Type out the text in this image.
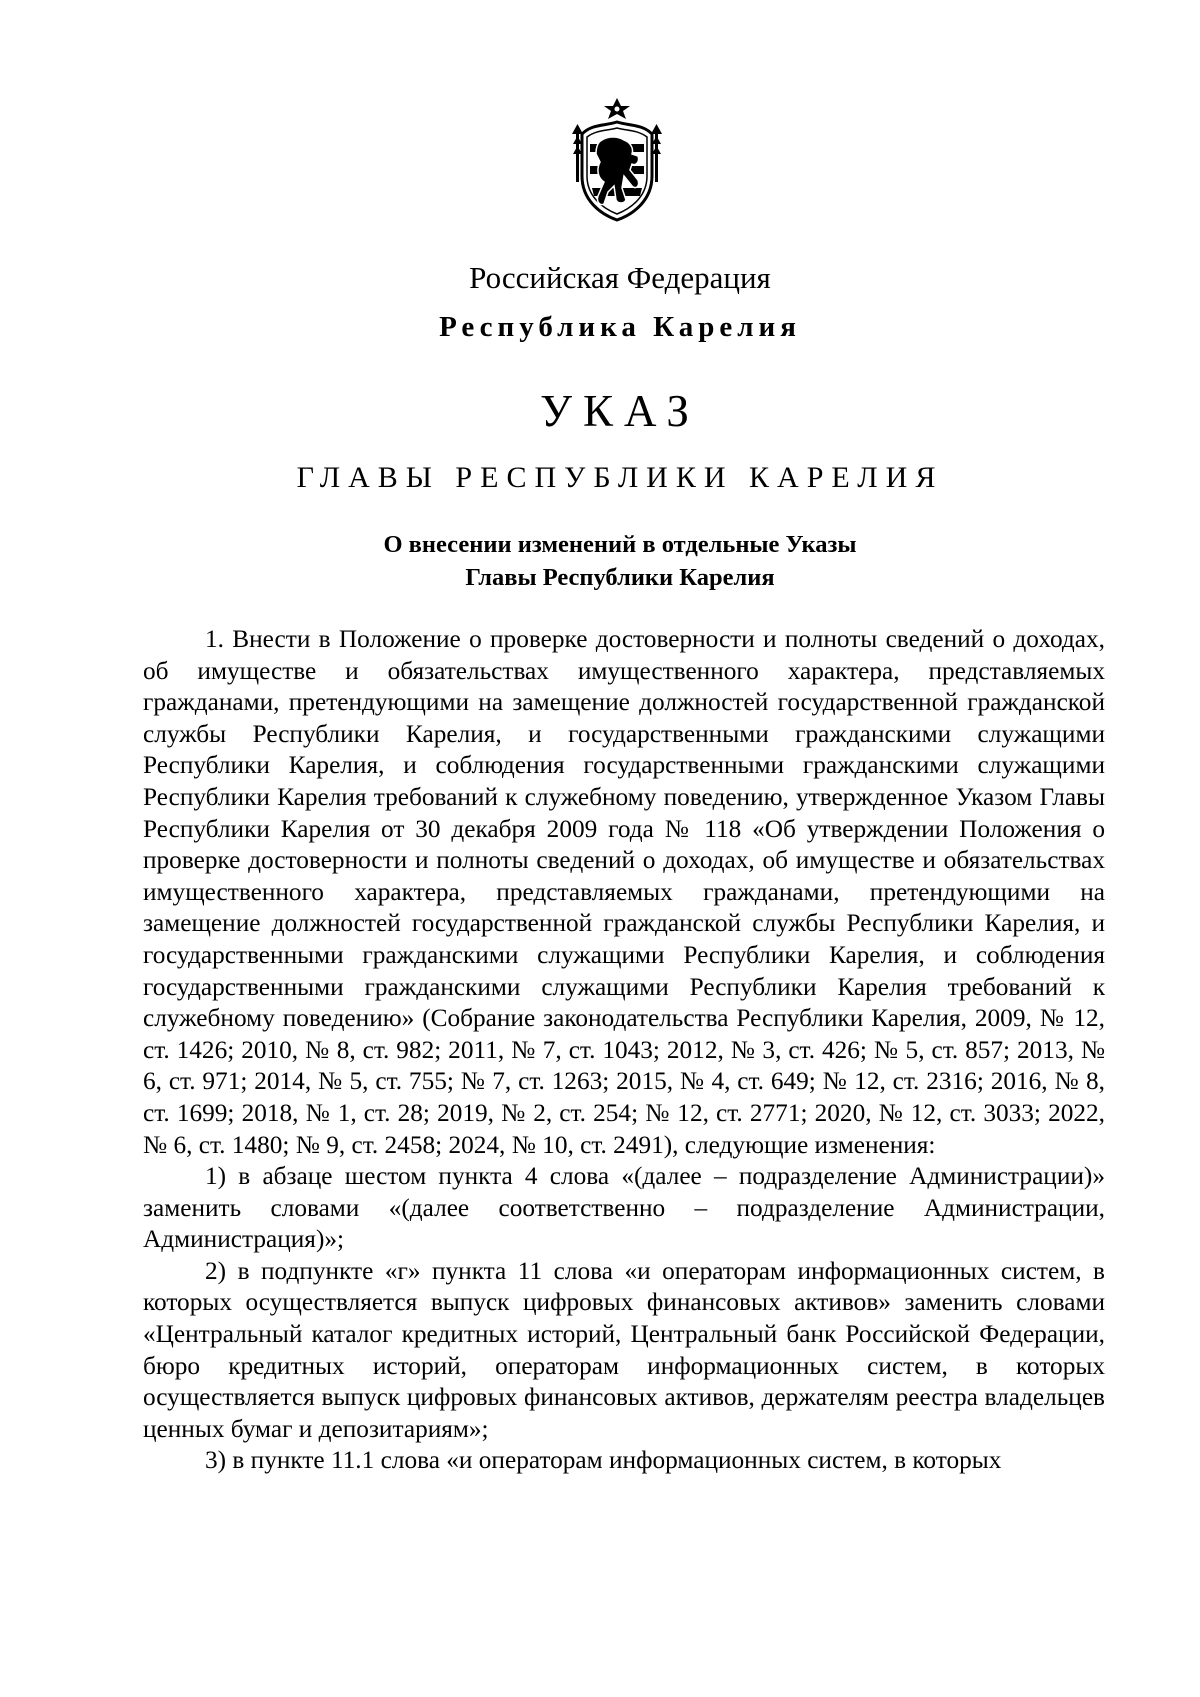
Российская Федерация
Республика Карелия
УКАЗ
ГЛАВЫ РЕСПУБЛИКИ КАРЕЛИЯ
О внесении изменений в отдельные Указы
Главы Республики Карелия

1. Внести в Положение о проверке достоверности и полноты сведений о доходах, об имуществе и обязательствах имущественного характера, представляемых гражданами, претендующими на замещение должностей государственной гражданской службы Республики Карелия, и государственными гражданскими служащими Республики Карелия, и соблюдения государственными гражданскими служащими Республики Карелия требований к служебному поведению, утвержденное Указом Главы Республики Карелия от 30 декабря 2009 года № 118 «Об утверждении Положения о проверке достоверности и полноты сведений о доходах, об имуществе и обязательствах имущественного характера, представляемых гражданами, претендующими на замещение должностей государственной гражданской службы Республики Карелия, и государственными гражданскими служащими Республики Карелия, и соблюдения государственными гражданскими служащими Республики Карелия требований к служебному поведению» (Собрание законодательства Республики Карелия, 2009, № 12, ст. 1426; 2010, № 8, ст. 982; 2011, № 7, ст. 1043; 2012, № 3, ст. 426; № 5, ст. 857; 2013, № 6, ст. 971; 2014, № 5, ст. 755; № 7, ст. 1263; 2015, № 4, ст. 649; № 12, ст. 2316; 2016, № 8, ст. 1699; 2018, № 1, ст. 28; 2019, № 2, ст. 254; № 12, ст. 2771; 2020, № 12, ст. 3033; 2022, № 6, ст. 1480; № 9, ст. 2458; 2024, № 10, ст. 2491), следующие изменения:

1) в абзаце шестом пункта 4 слова «(далее – подразделение Администрации)» заменить словами «(далее соответственно – подразделение Администрации, Администрация)»;

2) в подпункте «г» пункта 11 слова «и операторам информационных систем, в которых осуществляется выпуск цифровых финансовых активов» заменить словами «Центральный каталог кредитных историй, Центральный банк Российской Федерации, бюро кредитных историй, операторам информационных систем, в которых осуществляется выпуск цифровых финансовых активов, держателям реестра владельцев ценных бумаг и депозитариям»;

3) в пункте 11.1 слова «и операторам информационных систем, в которых
